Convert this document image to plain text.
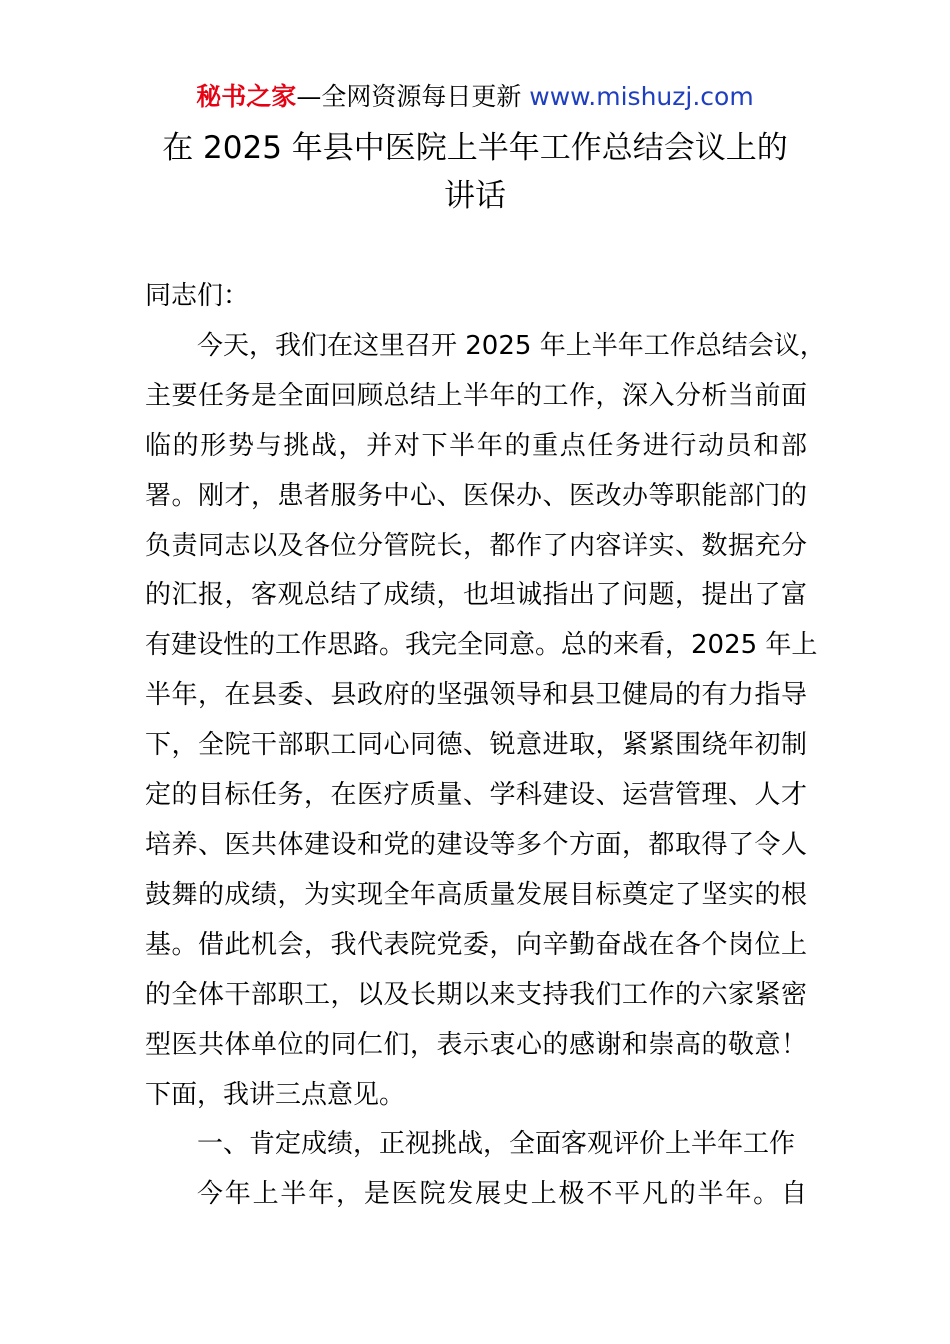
秘书之家—全网资源每日更新 www.mishuzj.com
在 2025 年县中医院上半年工作总结会议上的
讲话

同志们：

今天，我们在这里召开 2025 年上半年工作总结会议，
主要任务是全面回顾总结上半年的工作，深入分析当前面
临的形势与挑战，并对下半年的重点任务进行动员和部
署。刚才，患者服务中心、医保办、医改办等职能部门的
负责同志以及各位分管院长，都作了内容详实、数据充分
的汇报，客观总结了成绩，也坦诚指出了问题，提出了富
有建设性的工作思路。我完全同意。总的来看，2025 年上
半年，在县委、县政府的坚强领导和县卫健局的有力指导
下，全院干部职工同心同德、锐意进取，紧紧围绕年初制
定的目标任务，在医疗质量、学科建设、运营管理、人才
培养、医共体建设和党的建设等多个方面，都取得了令人
鼓舞的成绩，为实现全年高质量发展目标奠定了坚实的根
基。借此机会，我代表院党委，向辛勤奋战在各个岗位上
的全体干部职工，以及长期以来支持我们工作的六家紧密
型医共体单位的同仁们，表示衷心的感谢和崇高的敬意！
下面，我讲三点意见。

一、肯定成绩，正视挑战，全面客观评价上半年工作

今年上半年，是医院发展史上极不平凡的半年。自
